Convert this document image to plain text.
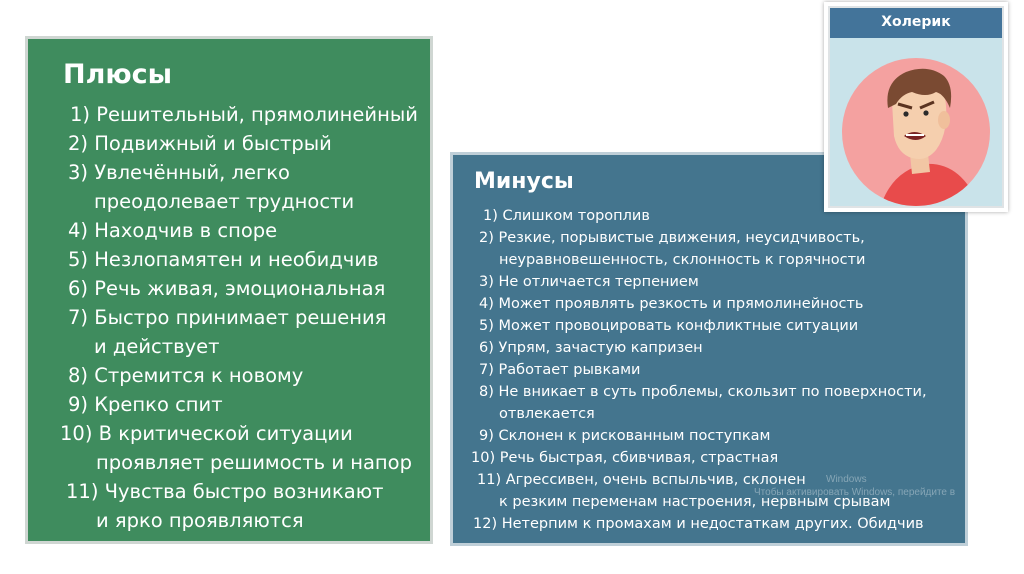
Плюсы
1) Решительный, прямолинейный
2) Подвижный и быстрый
3) Увлечённый, легко
преодолевает трудности
4) Находчив в споре
5) Незлопамятен и необидчив
6) Речь живая, эмоциональная
7) Быстро принимает решения
и действует
8) Стремится к новому
9) Крепко спит
10) В критической ситуации
проявляет решимость и напор
11) Чувства быстро возникают
и ярко проявляются
Минусы
1) Слишком тороплив
2) Резкие, порывистые движения, неусидчивость,
неуравновешенность, склонность к горячности
3) Не отличается терпением
4) Может проявлять резкость и прямолинейность
5) Может провоцировать конфликтные ситуации
6) Упрям, зачастую капризен
7) Работает рывками
8) Не вникает в суть проблемы, скользит по поверхности,
отвлекается
9) Склонен к рискованным поступкам
10) Речь быстрая, сбивчивая, страстная
11) Агрессивен, очень вспыльчив, склонен
к резким переменам настроения, нервным срывам
12) Нетерпим к промахам и недостаткам других. Обидчив
Холерик
Windows
Чтобы активировать Windows, перейдите в
